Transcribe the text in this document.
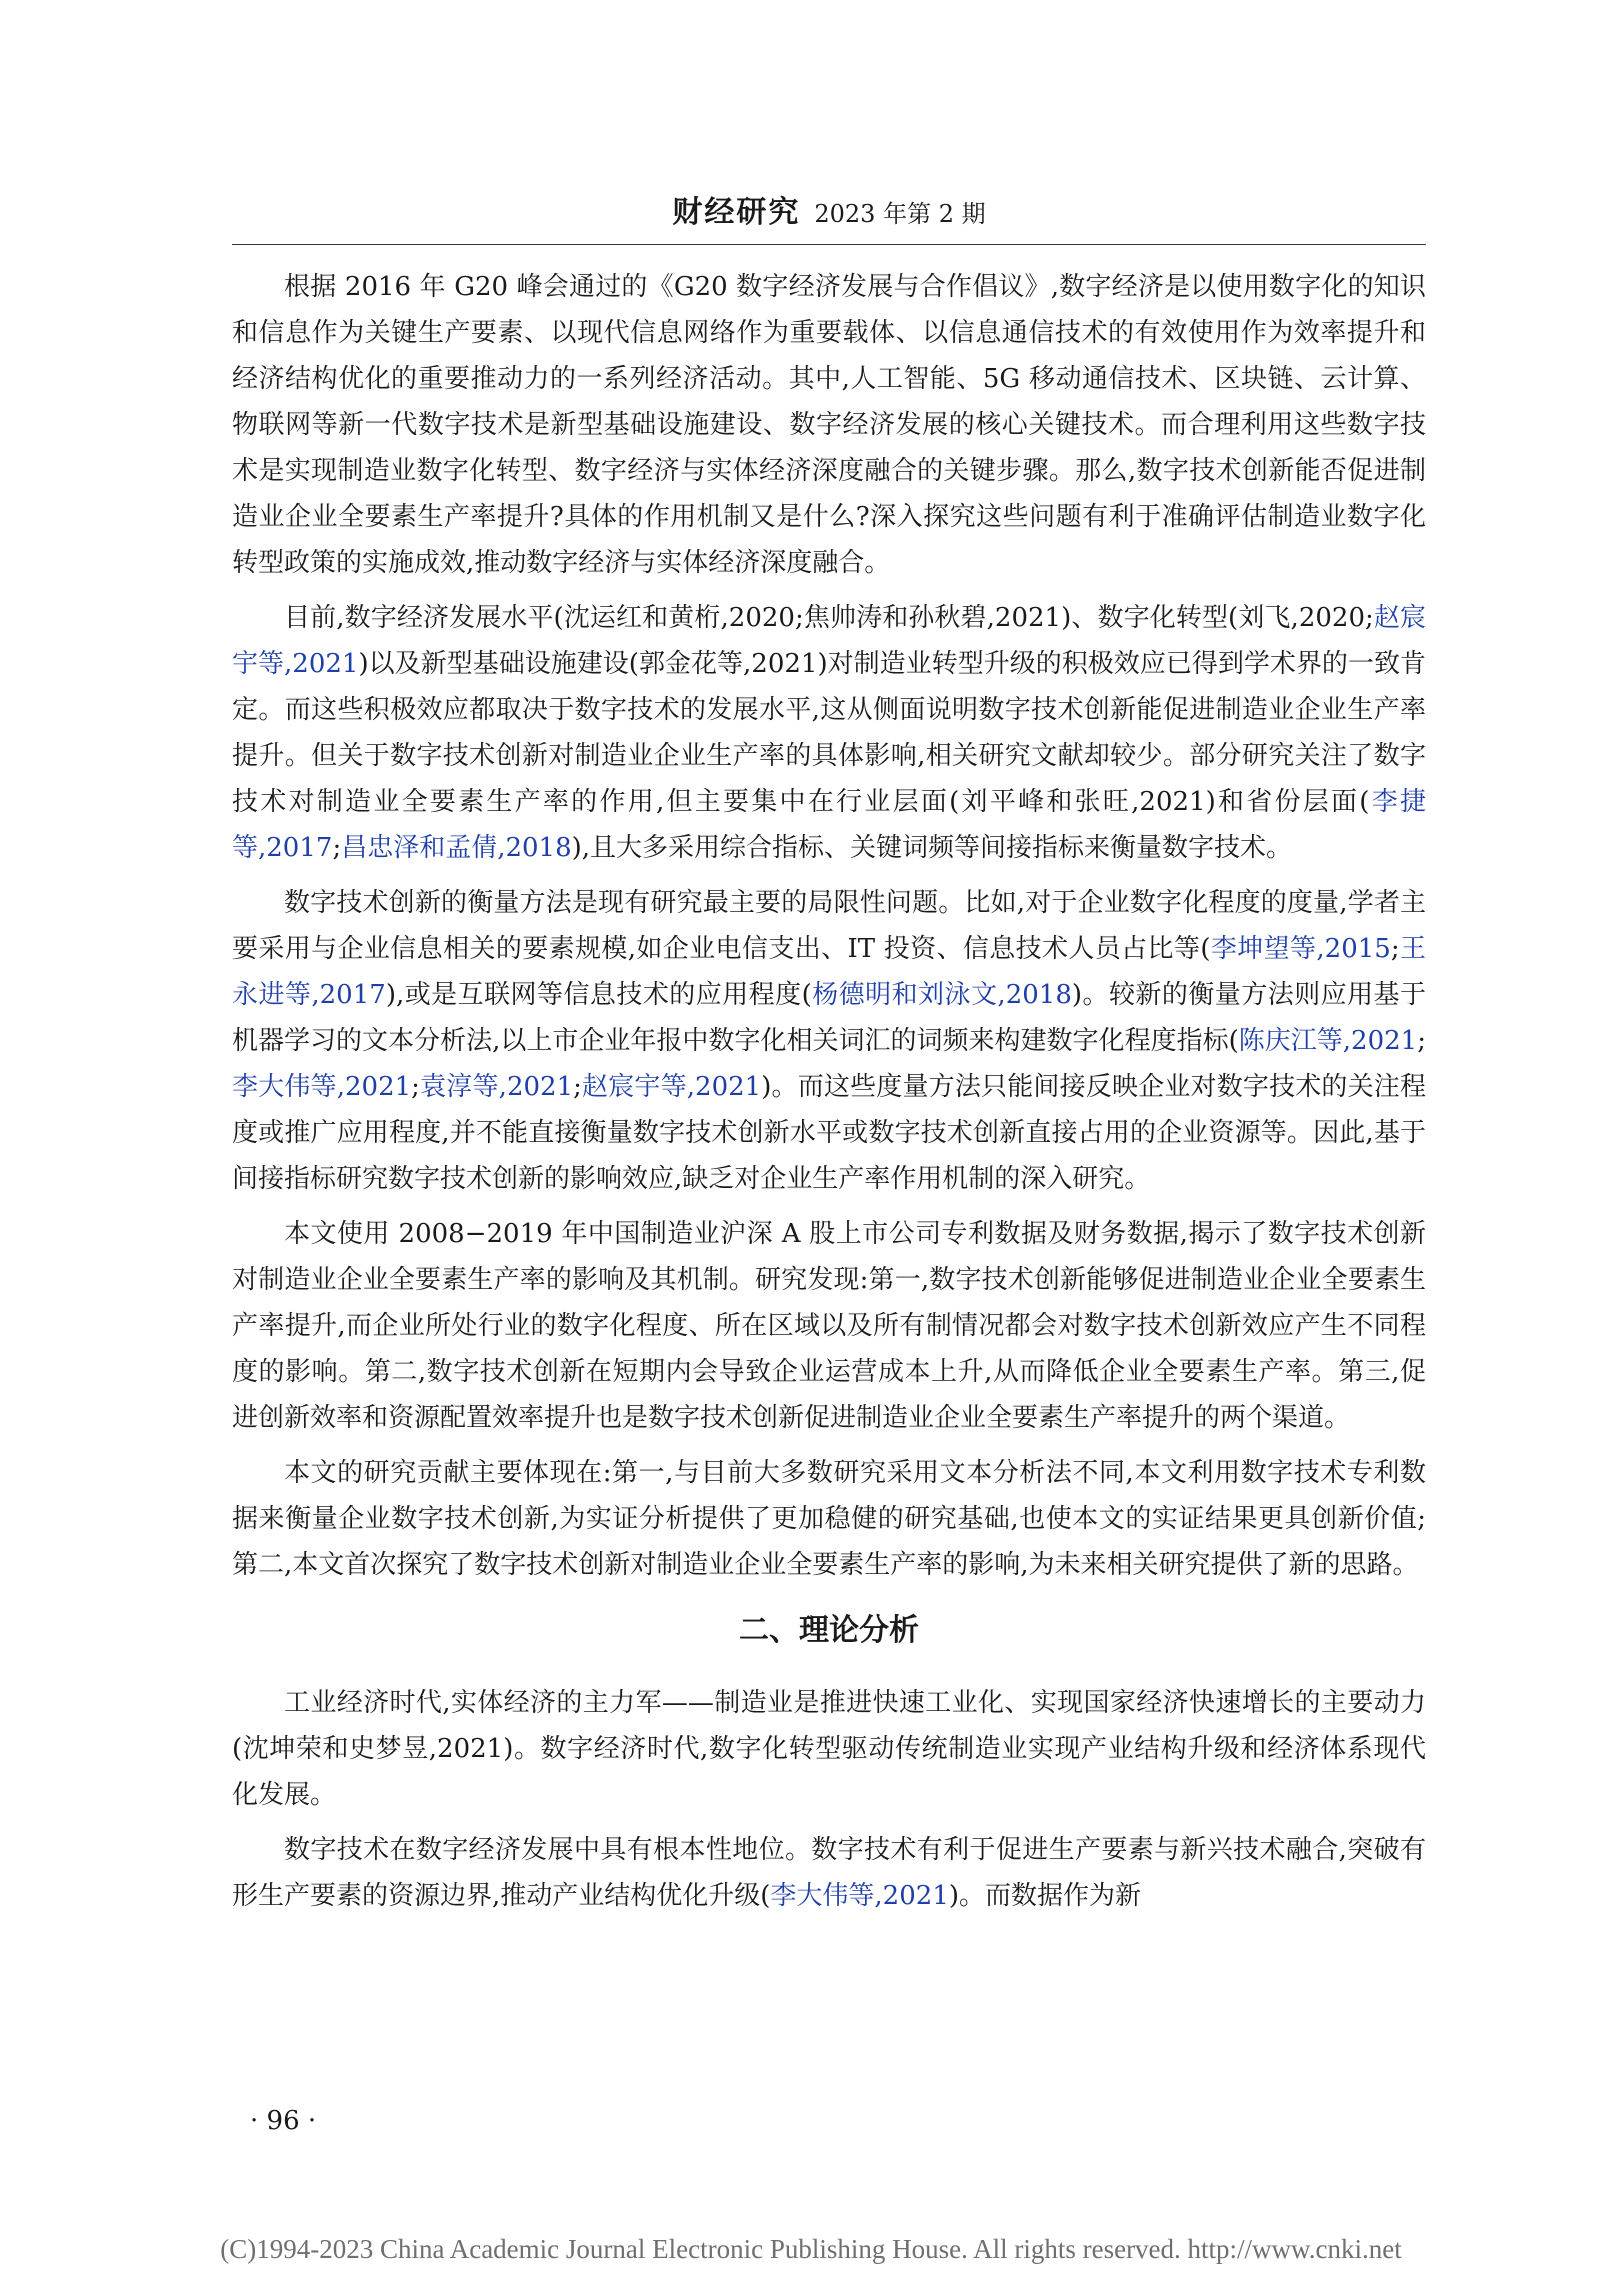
财经研究 2023 年第 2 期

根据 2016 年 G20 峰会通过的《G20 数字经济发展与合作倡议》,数字经济是以使用数字化的知识和信息作为关键生产要素、以现代信息网络作为重要载体、以信息通信技术的有效使用作为效率提升和经济结构优化的重要推动力的一系列经济活动。其中,人工智能、5G 移动通信技术、区块链、云计算、物联网等新一代数字技术是新型基础设施建设、数字经济发展的核心关键技术。而合理利用这些数字技术是实现制造业数字化转型、数字经济与实体经济深度融合的关键步骤。那么,数字技术创新能否促进制造业企业全要素生产率提升?具体的作用机制又是什么?深入探究这些问题有利于准确评估制造业数字化转型政策的实施成效,推动数字经济与实体经济深度融合。

目前,数字经济发展水平(沈运红和黄桁,2020;焦帅涛和孙秋碧,2021)、数字化转型(刘飞,2020;赵宸宇等,2021)以及新型基础设施建设(郭金花等,2021)对制造业转型升级的积极效应已得到学术界的一致肯定。而这些积极效应都取决于数字技术的发展水平,这从侧面说明数字技术创新能促进制造业企业生产率提升。但关于数字技术创新对制造业企业生产率的具体影响,相关研究文献却较少。部分研究关注了数字技术对制造业全要素生产率的作用,但主要集中在行业层面(刘平峰和张旺,2021)和省份层面(李捷等,2017;昌忠泽和孟倩,2018),且大多采用综合指标、关键词频等间接指标来衡量数字技术。

数字技术创新的衡量方法是现有研究最主要的局限性问题。比如,对于企业数字化程度的度量,学者主要采用与企业信息相关的要素规模,如企业电信支出、IT 投资、信息技术人员占比等(李坤望等,2015;王永进等,2017),或是互联网等信息技术的应用程度(杨德明和刘泳文,2018)。较新的衡量方法则应用基于机器学习的文本分析法,以上市企业年报中数字化相关词汇的词频来构建数字化程度指标(陈庆江等,2021;李大伟等,2021;袁淳等,2021;赵宸宇等,2021)。而这些度量方法只能间接反映企业对数字技术的关注程度或推广应用程度,并不能直接衡量数字技术创新水平或数字技术创新直接占用的企业资源等。因此,基于间接指标研究数字技术创新的影响效应,缺乏对企业生产率作用机制的深入研究。

本文使用 2008−2019 年中国制造业沪深 A 股上市公司专利数据及财务数据,揭示了数字技术创新对制造业企业全要素生产率的影响及其机制。研究发现:第一,数字技术创新能够促进制造业企业全要素生产率提升,而企业所处行业的数字化程度、所在区域以及所有制情况都会对数字技术创新效应产生不同程度的影响。第二,数字技术创新在短期内会导致企业运营成本上升,从而降低企业全要素生产率。第三,促进创新效率和资源配置效率提升也是数字技术创新促进制造业企业全要素生产率提升的两个渠道。

本文的研究贡献主要体现在:第一,与目前大多数研究采用文本分析法不同,本文利用数字技术专利数据来衡量企业数字技术创新,为实证分析提供了更加稳健的研究基础,也使本文的实证结果更具创新价值;第二,本文首次探究了数字技术创新对制造业企业全要素生产率的影响,为未来相关研究提供了新的思路。

二、理论分析

工业经济时代,实体经济的主力军——制造业是推进快速工业化、实现国家经济快速增长的主要动力(沈坤荣和史梦昱,2021)。数字经济时代,数字化转型驱动传统制造业实现产业结构升级和经济体系现代化发展。

数字技术在数字经济发展中具有根本性地位。数字技术有利于促进生产要素与新兴技术融合,突破有形生产要素的资源边界,推动产业结构优化升级(李大伟等,2021)。而数据作为新

· 96 ·
(C)1994-2023 China Academic Journal Electronic Publishing House. All rights reserved. http://www.cnki.net
